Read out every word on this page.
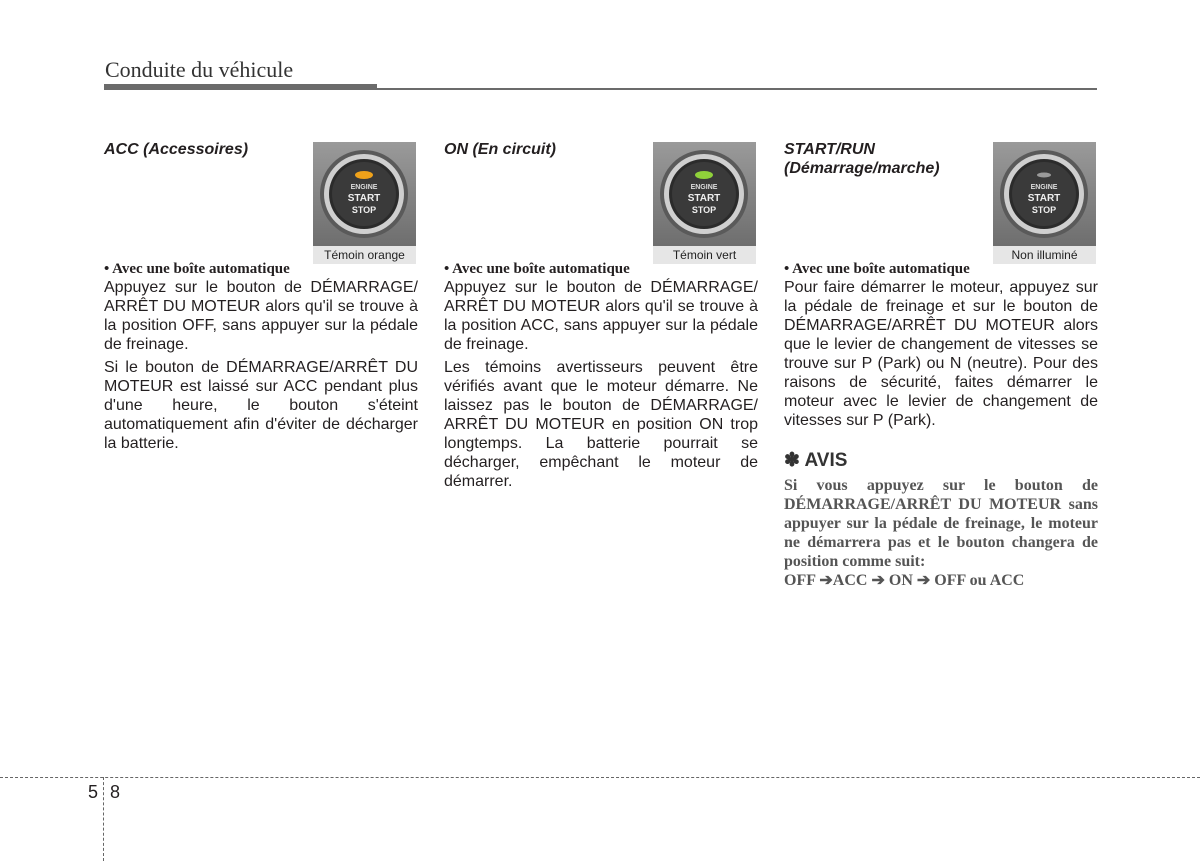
Conduite du véhicule
ACC (Accessoires)
ENGINE
START
STOP
Témoin orange

• Avec une boîte automatique

Appuyez sur le bouton de DÉMARRAGE/ ARRÊT DU MOTEUR alors qu'il se trouve à la position OFF, sans appuyer sur la pédale de freinage.

Si le bouton de DÉMARRAGE/ARRÊT DU MOTEUR est laissé sur ACC pendant plus d'une heure, le bouton s'éteint automatiquement afin d'éviter de décharger la batterie.

ON (En circuit)
ENGINE
START
STOP
Témoin vert

• Avec une boîte automatique

Appuyez sur le bouton de DÉMARRAGE/ ARRÊT DU MOTEUR alors qu'il se trouve à la position ACC, sans appuyer sur la pédale de freinage.

Les témoins avertisseurs peuvent être vérifiés avant que le moteur démarre. Ne laissez pas le bouton de DÉMARRAGE/ ARRÊT DU MOTEUR en position ON trop longtemps. La batterie pourrait se décharger, empêchant le moteur de démarrer.

START/RUN (Démarrage/marche)
ENGINE
START
STOP
Non illuminé

• Avec une boîte automatique

Pour faire démarrer le moteur, appuyez sur la pédale de freinage et sur le bouton de DÉMARRAGE/ARRÊT DU MOTEUR alors que le levier de changement de vitesses se trouve sur P (Park) ou N (neutre). Pour des raisons de sécurité, faites démarrer le moteur avec le levier de changement de vitesses sur P (Park).

✽ AVIS

Si vous appuyez sur le bouton de DÉMARRAGE/ARRÊT DU MOTEUR sans appuyer sur la pédale de freinage, le moteur ne démarrera pas et le bouton changera de position comme suit:

OFF ➔ACC ➔ ON ➔ OFF ou ACC

5 8
